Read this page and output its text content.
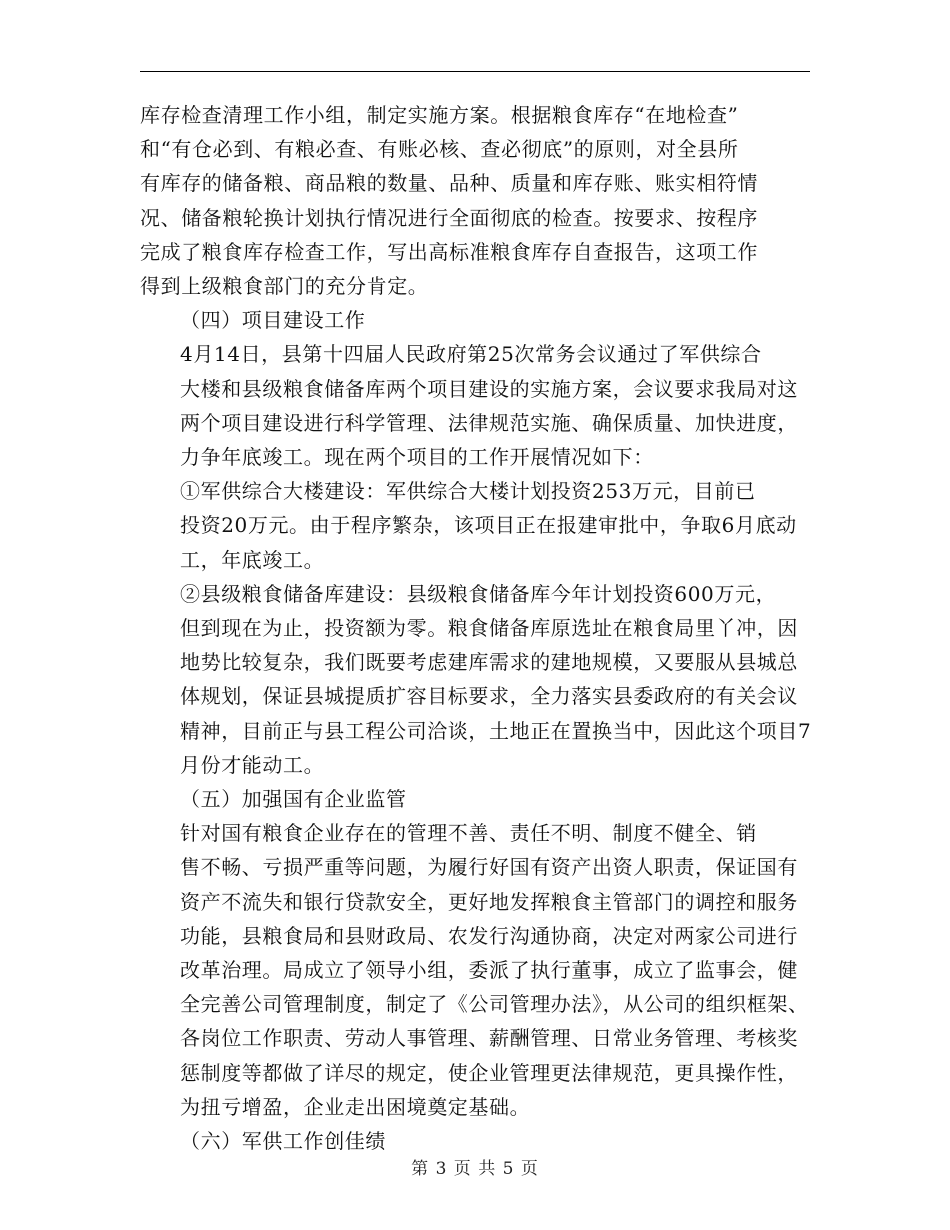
库存检查清理工作小组，制定实施方案。根据粮食库存“在地检查”
和“有仓必到、有粮必查、有账必核、查必彻底”的原则，对全县所
有库存的储备粮、商品粮的数量、品种、质量和库存账、账实相符情
况、储备粮轮换计划执行情况进行全面彻底的检查。按要求、按程序
完成了粮食库存检查工作，写出高标准粮食库存自查报告，这项工作
得到上级粮食部门的充分肯定。

（四）项目建设工作

4月14日，县第十四届人民政府第25次常务会议通过了军供综合
大楼和县级粮食储备库两个项目建设的实施方案，会议要求我局对这
两个项目建设进行科学管理、法律规范实施、确保质量、加快进度，
力争年底竣工。现在两个项目的工作开展情况如下：

①军供综合大楼建设：军供综合大楼计划投资253万元，目前已
投资20万元。由于程序繁杂，该项目正在报建审批中，争取6月底动
工，年底竣工。

②县级粮食储备库建设：县级粮食储备库今年计划投资600万元，
但到现在为止，投资额为零。粮食储备库原选址在粮食局里丫冲，因
地势比较复杂，我们既要考虑建库需求的建地规模，又要服从县城总
体规划，保证县城提质扩容目标要求，全力落实县委政府的有关会议
精神，目前正与县工程公司洽谈，土地正在置换当中，因此这个项目7
月份才能动工。

（五）加强国有企业监管

针对国有粮食企业存在的管理不善、责任不明、制度不健全、销
售不畅、亏损严重等问题，为履行好国有资产出资人职责，保证国有
资产不流失和银行贷款安全，更好地发挥粮食主管部门的调控和服务
功能，县粮食局和县财政局、农发行沟通协商，决定对两家公司进行
改革治理。局成立了领导小组，委派了执行董事，成立了监事会，健
全完善公司管理制度，制定了《公司管理办法》，从公司的组织框架、
各岗位工作职责、劳动人事管理、薪酬管理、日常业务管理、考核奖
惩制度等都做了详尽的规定，使企业管理更法律规范，更具操作性，
为扭亏增盈，企业走出困境奠定基础。

（六）军供工作创佳绩

第 3 页 共 5 页
